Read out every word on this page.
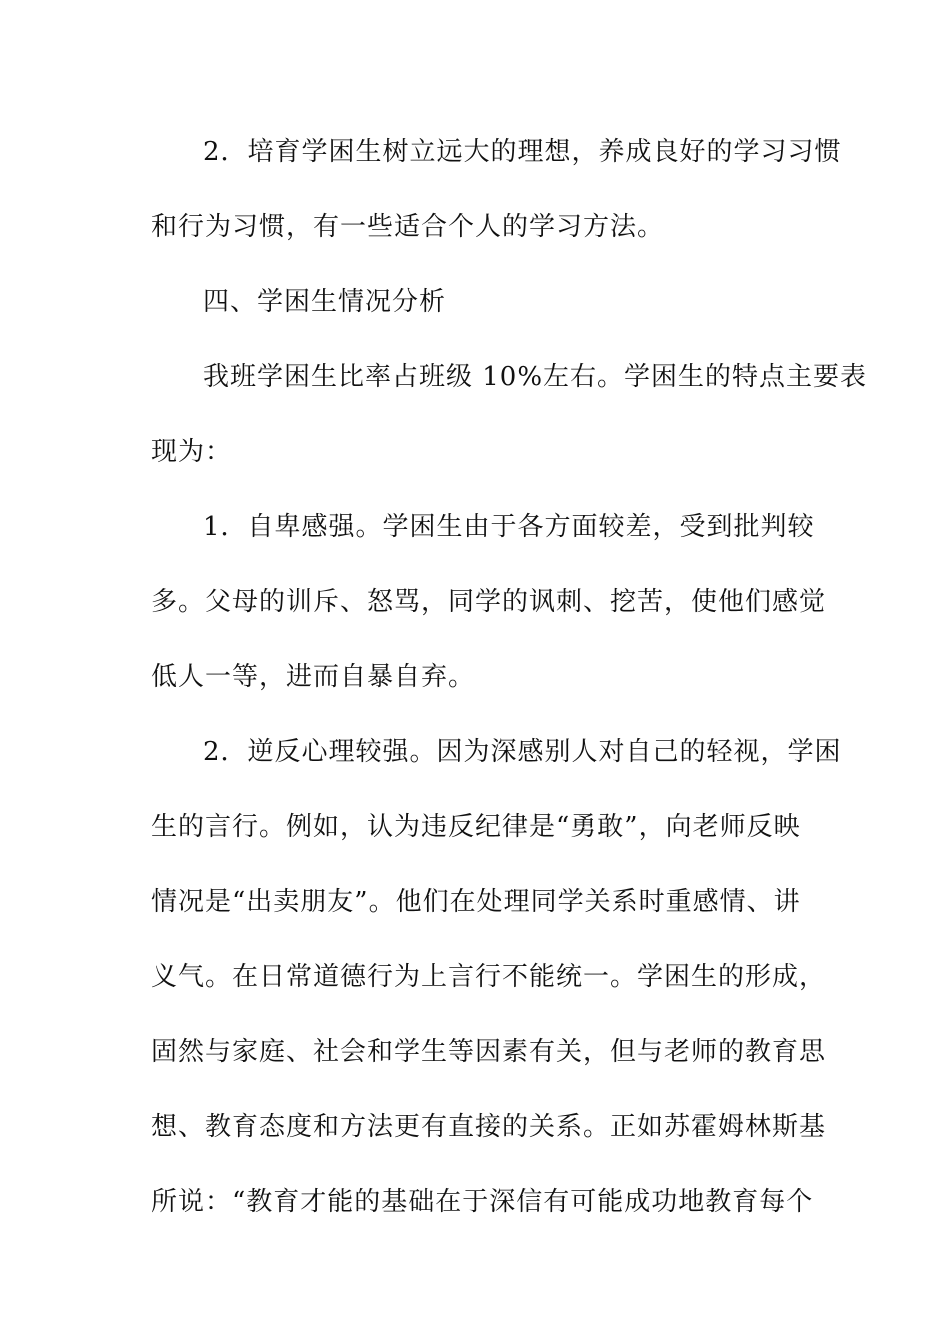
2．培育学困生树立远大的理想，养成良好的学习习惯
和行为习惯，有一些适合个人的学习方法。
四、学困生情况分析
我班学困生比率占班级 10%左右。学困生的特点主要表
现为：
1．自卑感强。学困生由于各方面较差，受到批判较
多。父母的训斥、怒骂，同学的讽刺、挖苦，使他们感觉
低人一等，进而自暴自弃。
2．逆反心理较强。因为深感别人对自己的轻视，学困
生的言行。例如，认为违反纪律是“勇敢”，向老师反映
情况是“出卖朋友”。他们在处理同学关系时重感情、讲
义气。在日常道德行为上言行不能统一。学困生的形成，
固然与家庭、社会和学生等因素有关，但与老师的教育思
想、教育态度和方法更有直接的关系。正如苏霍姆林斯基
所说：“教育才能的基础在于深信有可能成功地教育每个
